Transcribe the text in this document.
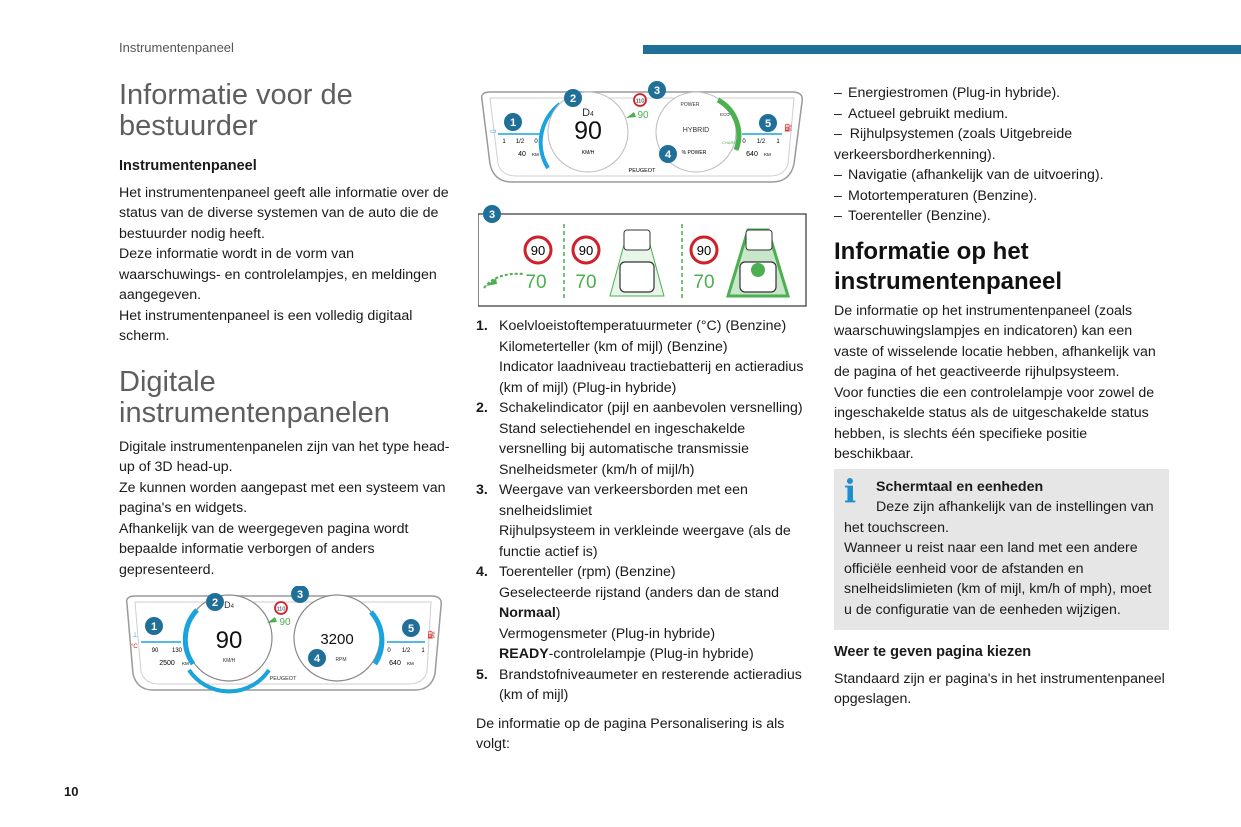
Instrumentenpaneel
Informatie voor de bestuurder
Instrumentenpaneel

Het instrumentenpaneel geeft alle informatie over de status van de diverse systemen van de auto die de bestuurder nodig heeft.

Deze informatie wordt in de vorm van waarschuwings- en controlelampjes, en meldingen aangegeven.

Het instrumentenpaneel is een volledig digitaal scherm.

Digitale instrumentenpanelen

Digitale instrumentenpanelen zijn van het type head-up of 3D head-up.

Ze kunnen worden aangepast met een systeem van pagina's en widgets.

Afhankelijk van de weergegeven pagina wordt bepaalde informatie verborgen of anders gepresenteerd.

D4
90
KM/H
3200
RPM
110
90
⊥
°C
90 130
2500 KM
⛽
0 1/2 1
640 KM
PEUGEOT
1
2
3
4
5
D4
90
KM/H
HYBRID
% POWER
POWER
ECO
CHARGE
110
90
▭
1 1/2 0
40 KM
⛽
0 1/2 1
640 KM
PEUGEOT
1
2
3
4
5
90
70
90
70
90
70
3
1. Koelvloeistoftemperatuurmeter (°C) (Benzine)
Kilometerteller (km of mijl) (Benzine)
Indicator laadniveau tractiebatterij en actieradius (km of mijl) (Plug-in hybride)
2. Schakelindicator (pijl en aanbevolen versnelling)
Stand selectiehendel en ingeschakelde versnelling bij automatische transmissie
Snelheidsmeter (km/h of mijl/h)
3. Weergave van verkeersborden met een snelheidslimiet
Rijhulpsysteem in verkleinde weergave (als de functie actief is)
4. Toerenteller (rpm) (Benzine)
Geselecteerde rijstand (anders dan de stand Normaal)
Vermogensmeter (Plug-in hybride)
READY-controlelampje (Plug-in hybride)
5. Brandstofniveaumeter en resterende actieradius (km of mijl)

De informatie op de pagina Personalisering is als volgt:

– Energiestromen (Plug-in hybride).
– Actueel gebruikt medium.
– Rijhulpsystemen (zoals Uitgebreide verkeersbordherkenning).
– Navigatie (afhankelijk van de uitvoering).
– Motortemperaturen (Benzine).
– Toerenteller (Benzine).
Informatie op het instrumentenpaneel

De informatie op het instrumentenpaneel (zoals waarschuwingslampjes en indicatoren) kan een vaste of wisselende locatie hebben, afhankelijk van de pagina of het geactiveerde rijhulpsysteem.

Voor functies die een controlelampje voor zowel de ingeschakelde status als de uitgeschakelde status hebben, is slechts één specifieke positie beschikbaar.

i	Schermtaal en eenheden
Deze zijn afhankelijk van de instellingen van het touchscreen.
Wanneer u reist naar een land met een andere officiële eenheid voor de afstanden en snelheidslimieten (km of mijl, km/h of mph), moet u de configuratie van de eenheden wijzigen.
Weer te geven pagina kiezen

Standaard zijn er pagina's in het instrumentenpaneel opgeslagen.

10
